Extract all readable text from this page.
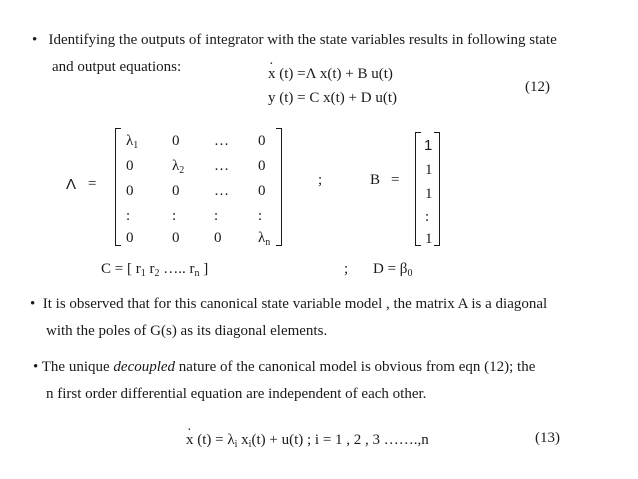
• Identifying the outputs of integrator with the state variables results in following state
and output equations:	· x (t) =Λ x(t) + B u(t)
y (t) = C x(t) + D u(t)
(12)
Λ =
$\lambda_1$ 0 … 0
0	$\lambda_2$ … 0
0	0 … 0
:	:	:	:
0	0 0 $\lambda_n$
;	B =
1
1
1
:
1
C = [ $r_1$ $r_2$ ….. $r_n$ ]	; $D = \beta_0$
• It is observed that for this canonical state variable model , the matrix A is a diagonal
with the poles of G(s) as its diagonal elements.
• The unique decoupled nature of the canonical model is obvious from eqn (12); the
n first order differential equation are independent of each other.
· x $(t) = \lambda_i$ $x_i(t) + u(t)$ ; i = 1 , 2 , 3 …….,n	(13)
